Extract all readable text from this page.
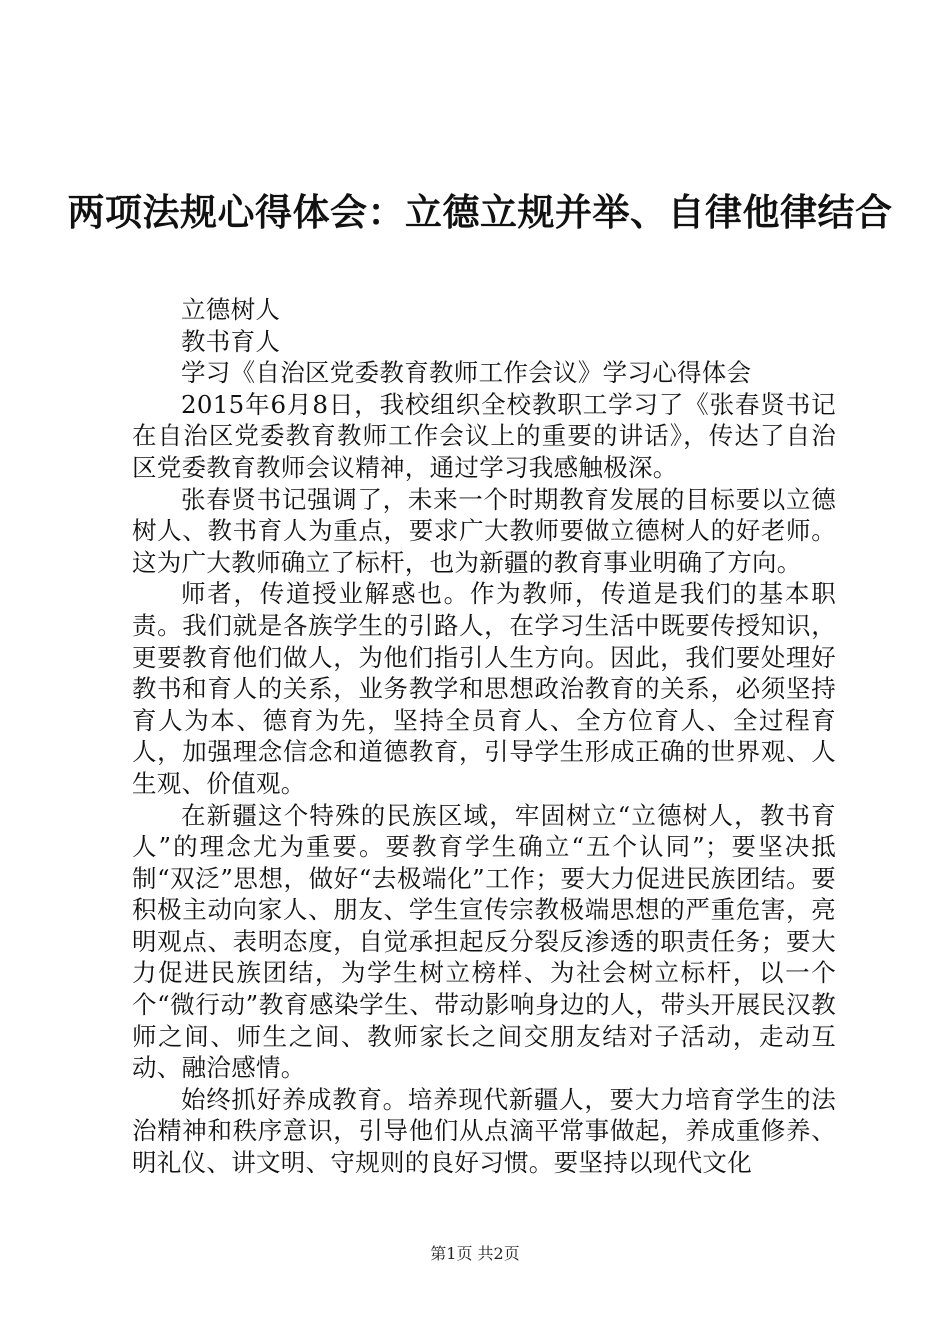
两项法规心得体会：立德立规并举、自律他律结合

立德树人

教书育人

学习《自治区党委教育教师工作会议》学习心得体会

2015年6月8日，我校组织全校教职工学习了《张春贤书记在自治区党委教育教师工作会议上的重要的讲话》，传达了自治区党委教育教师会议精神，通过学习我感触极深。

张春贤书记强调了，未来一个时期教育发展的目标要以立德树人、教书育人为重点，要求广大教师要做立德树人的好老师。这为广大教师确立了标杆，也为新疆的教育事业明确了方向。

师者，传道授业解惑也。作为教师，传道是我们的基本职责。我们就是各族学生的引路人，在学习生活中既要传授知识，更要教育他们做人，为他们指引人生方向。因此，我们要处理好教书和育人的关系，业务教学和思想政治教育的关系，必须坚持育人为本、德育为先，坚持全员育人、全方位育人、全过程育人，加强理念信念和道德教育，引导学生形成正确的世界观、人生观、价值观。

在新疆这个特殊的民族区域，牢固树立“立德树人，教书育人”的理念尤为重要。要教育学生确立“五个认同”；要坚决抵制“双泛”思想，做好“去极端化”工作；要大力促进民族团结。要积极主动向家人、朋友、学生宣传宗教极端思想的严重危害，亮明观点、表明态度，自觉承担起反分裂反渗透的职责任务；要大力促进民族团结，为学生树立榜样、为社会树立标杆，以一个个“微行动”教育感染学生、带动影响身边的人，带头开展民汉教师之间、师生之间、教师家长之间交朋友结对子活动，走动互动、融洽感情。

始终抓好养成教育。培养现代新疆人，要大力培育学生的法治精神和秩序意识，引导他们从点滴平常事做起，养成重修养、明礼仪、讲文明、守规则的良好习惯。要坚持以现代文化

第1页 共2页
